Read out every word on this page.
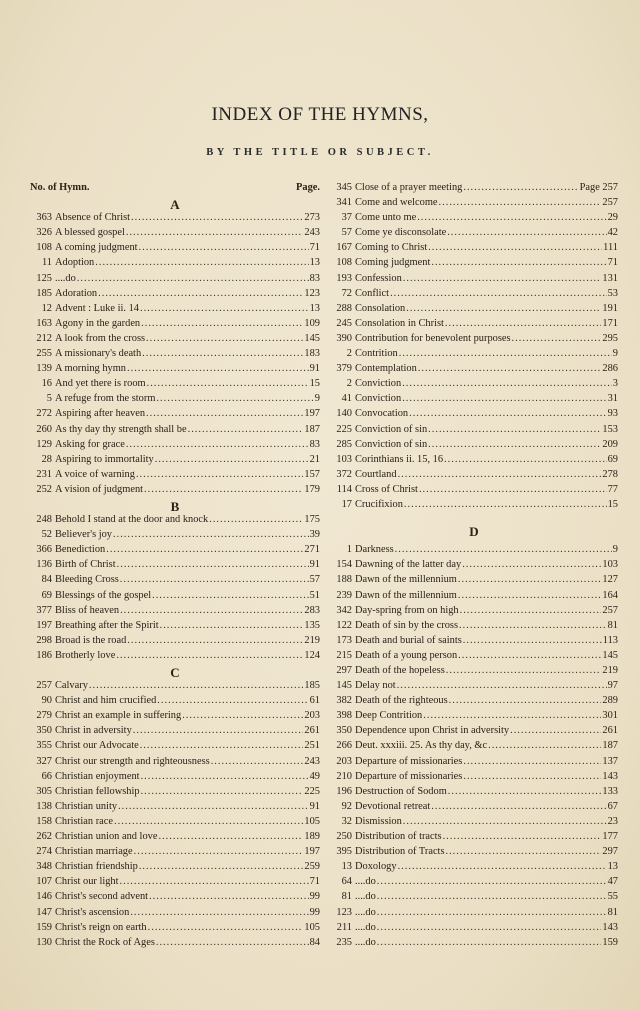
INDEX OF THE HYMNS,
BY THE TITLE OR SUBJECT.
No. of Hymn.	Page.
A
363 Absence of Christ .....	273
326 A blessed gospel .....	243
108 A coming judgment .....	71
11 Adoption .....	13
125 ....do .....	83
185 Adoration .....	123
12 Advent : Luke ii. 14 .....	13
163 Agony in the garden .....	109
212 A look from the cross .....	145
255 A missionary's death .....	183
139 A morning hymn .....	91
16 And yet there is room .....	15
5 A refuge from the storm .....	9
272 Aspiring after heaven .....	197
260 As thy day thy strength shall be .....	187
129 Asking for grace .....	83
28 Aspiring to immortality .....	21
231 A voice of warning .....	157
252 A vision of judgment .....	179
B
248 Behold I stand at the door and knock .....	175
52 Believer's joy .....	39
366 Benediction .....	271
136 Birth of Christ .....	91
84 Bleeding Cross .....	57
69 Blessings of the gospel .....	51
377 Bliss of heaven .....	283
197 Breathing after the Spirit .....	135
298 Broad is the road .....	219
186 Brotherly love .....	124
C
257 Calvary .....	185
90 Christ and him crucified .....	61
279 Christ an example in suffering .....	203
350 Christ in adversity .....	261
355 Christ our Advocate .....	251
327 Christ our strength and righteousness .....	243
66 Christian enjoyment .....	49
305 Christian fellowship .....	225
138 Christian unity .....	91
158 Christian race .....	105
262 Christian union and love .....	189
274 Christian marriage .....	197
348 Christian friendship .....	259
107 Christ our light .....	71
146 Christ's second advent .....	99
147 Christ's ascension .....	99
159 Christ's reign on earth .....	105
130 Christ the Rock of Ages .....	84
345 Close of a prayer meeting .....	Page 257
341 Come and welcome .....	257
37 Come unto me .....	29
57 Come ye disconsolate .....	42
167 Coming to Christ .....	111
108 Coming judgment .....	71
193 Confession .....	131
72 Conflict .....	53
288 Consolation .....	191
245 Consolation in Christ .....	171
390 Contribution for benevolent purposes .....	295
2 Contrition .....	9
379 Contemplation .....	286
2 Conviction .....	3
41 Conviction .....	31
140 Convocation .....	93
225 Conviction of sin .....	153
285 Conviction of sin .....	209
103 Corinthians ii. 15, 16 .....	69
372 Courtland .....	278
114 Cross of Christ .....	77
17 Crucifixion .....	15
D
1 Darkness .....	9
154 Dawning of the latter day .....	103
188 Dawn of the millennium .....	127
239 Dawn of the millennium .....	164
342 Day-spring from on high .....	257
122 Death of sin by the cross .....	81
173 Death and burial of saints .....	113
215 Death of a young person .....	145
297 Death of the hopeless .....	219
145 Delay not .....	97
382 Death of the righteous .....	289
398 Deep Contrition .....	301
350 Dependence upon Christ in adversity .....	261
266 Deut. xxxiii. 25. As thy day, &c .....	187
203 Departure of missionaries .....	137
210 Departure of missionaries .....	143
196 Destruction of Sodom .....	133
92 Devotional retreat .....	67
32 Dismission .....	23
250 Distribution of tracts .....	177
395 Distribution of Tracts .....	297
13 Doxology .....	13
64 ....do .....	47
81 ....do .....	55
123 ....do .....	81
211 ....do .....	143
235 ....do .....	159
